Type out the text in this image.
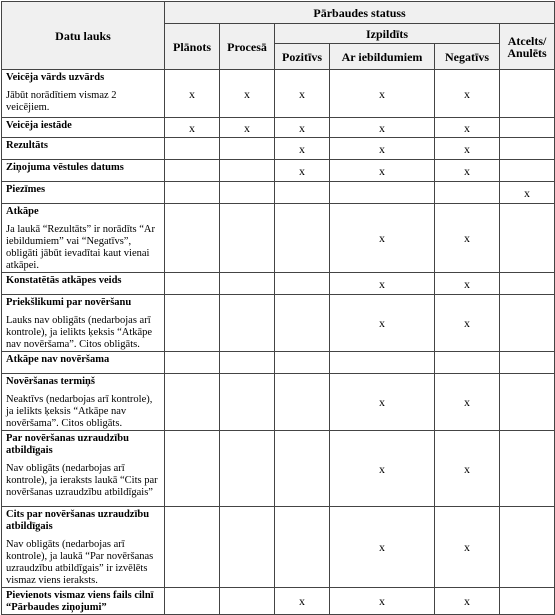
Datu lauks	Pārbaudes statuss					
	Plānots	Procesā	Izpildīts			Atcelts/ Anulēts
			Pozitīvs	Ar iebildumiem	Negatīvs	

Veicēja vārds uzvārds
Jābūt norādītiem vismaz 2 veicējiem.	x	x	x	x	x	

Veicēja iestāde	x	x	x	x	x	

Rezultāts			x	x	x	

Ziņojuma vēstules datums			x	x	x	

Piezīmes						x

Atkāpe
Ja laukā “Rezultāts” ir norādīts “Ar iebildumiem” vai “Negatīvs”, obligāti jābūt ievadītai kaut vienai atkāpei.				x	x	

Konstatētās atkāpes veids				x	x	

Priekšlikumi par novēršanu
Lauks nav obligāts (nedarbojas arī kontrole), ja ielikts ķeksis “Atkāpe nav novēršama”. Citos obligāts.				x	x	

Atkāpe nav novēršama						

Novēršanas termiņš
Neaktīvs (nedarbojas arī kontrole), ja ielikts ķeksis “Atkāpe nav novēršama”. Citos obligāts.				x	x	

Par novēršanas uzraudzību atbildīgais
Nav obligāts (nedarbojas arī kontrole), ja ieraksts laukā “Cits par novēršanas uzraudzību atbildīgais”				x	x	

Cits par novēršanas uzraudzību atbildīgais
Nav obligāts (nedarbojas arī kontrole), ja laukā “Par novēršanas uzraudzību atbildīgais” ir izvēlēts vismaz viens ieraksts.				x	x	

Pievienots vismaz viens fails cilnī “Pārbaudes ziņojumi”			x	x	x	
